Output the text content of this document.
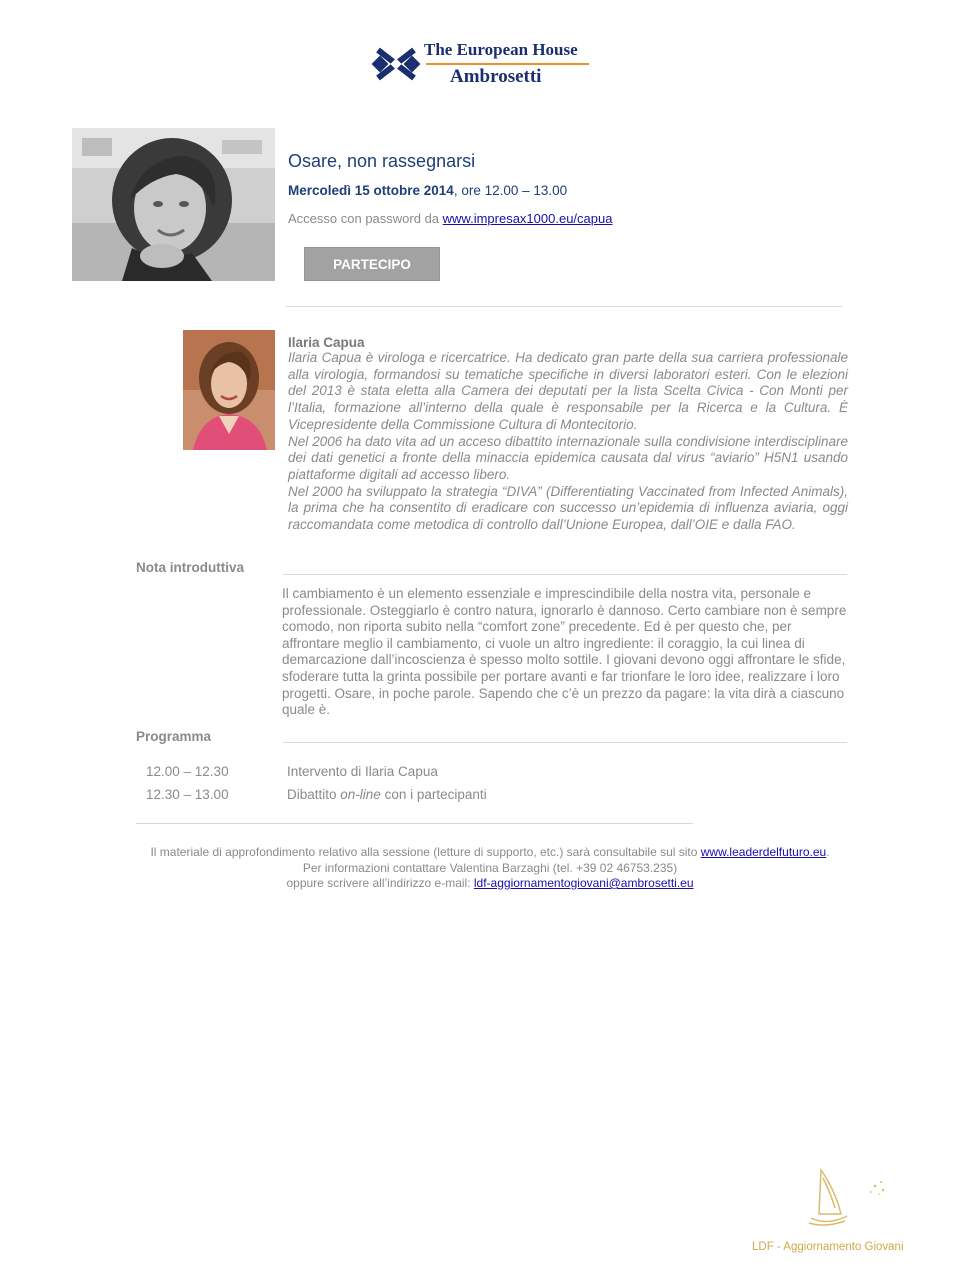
The European House
Ambrosetti
Osare, non rassegnarsi
Mercoledì 15 ottobre 2014, ore 12.00 – 13.00
Accesso con password da www.impresax1000.eu/capua
PARTECIPO
Ilaria Capua

Ilaria Capua è virologa e ricercatrice. Ha dedicato gran parte della sua carriera professionale alla virologia, formandosi su tematiche specifiche in diversi laboratori esteri. Con le elezioni del 2013 è stata eletta alla Camera dei deputati per la lista Scelta Civica - Con Monti per l’Italia, formazione all’interno della quale è responsabile per la Ricerca e la Cultura. È Vicepresidente della Commissione Cultura di Montecitorio.

Nel 2006 ha dato vita ad un acceso dibattito internazionale sulla condivisione interdisciplinare dei dati genetici a fronte della minaccia epidemica causata dal virus “aviario” H5N1 usando piattaforme digitali ad accesso libero.

Nel 2000 ha sviluppato la strategia “DIVA” (Differentiating Vaccinated from Infected Animals), la prima che ha consentito di eradicare con successo un’epidemia di influenza aviaria, oggi raccomandata come metodica di controllo dall’Unione Europea, dall’OIE e dalla FAO.

Nota introduttiva
Il cambiamento è un elemento essenziale e imprescindibile della nostra vita, personale e professionale. Osteggiarlo è contro natura, ignorarlo è dannoso. Certo cambiare non è sempre comodo, non riporta subito nella “comfort zone” precedente. Ed è per questo che, per affrontare meglio il cambiamento, ci vuole un altro ingrediente: il coraggio, la cui linea di demarcazione dall’incoscienza è spesso molto sottile. I giovani devono oggi affrontare le sfide, sfoderare tutta la grinta possibile per portare avanti e far trionfare le loro idee, realizzare i loro progetti. Osare, in poche parole. Sapendo che c’è un prezzo da pagare: la vita dirà a ciascuno quale è.
Programma
12.00 – 12.30	Intervento di Ilaria Capua
12.30 – 13.00	Dibattito on-line con i partecipanti
Il materiale di approfondimento relativo alla sessione (letture di supporto, etc.) sarà consultabile sul sito www.leaderdelfuturo.eu.
Per informazioni contattare Valentina Barzaghi (tel. +39 02 46753.235)
oppure scrivere all’indirizzo e-mail: ldf-aggiornamentogiovani@ambrosetti.eu
LDF - Aggiornamento Giovani
